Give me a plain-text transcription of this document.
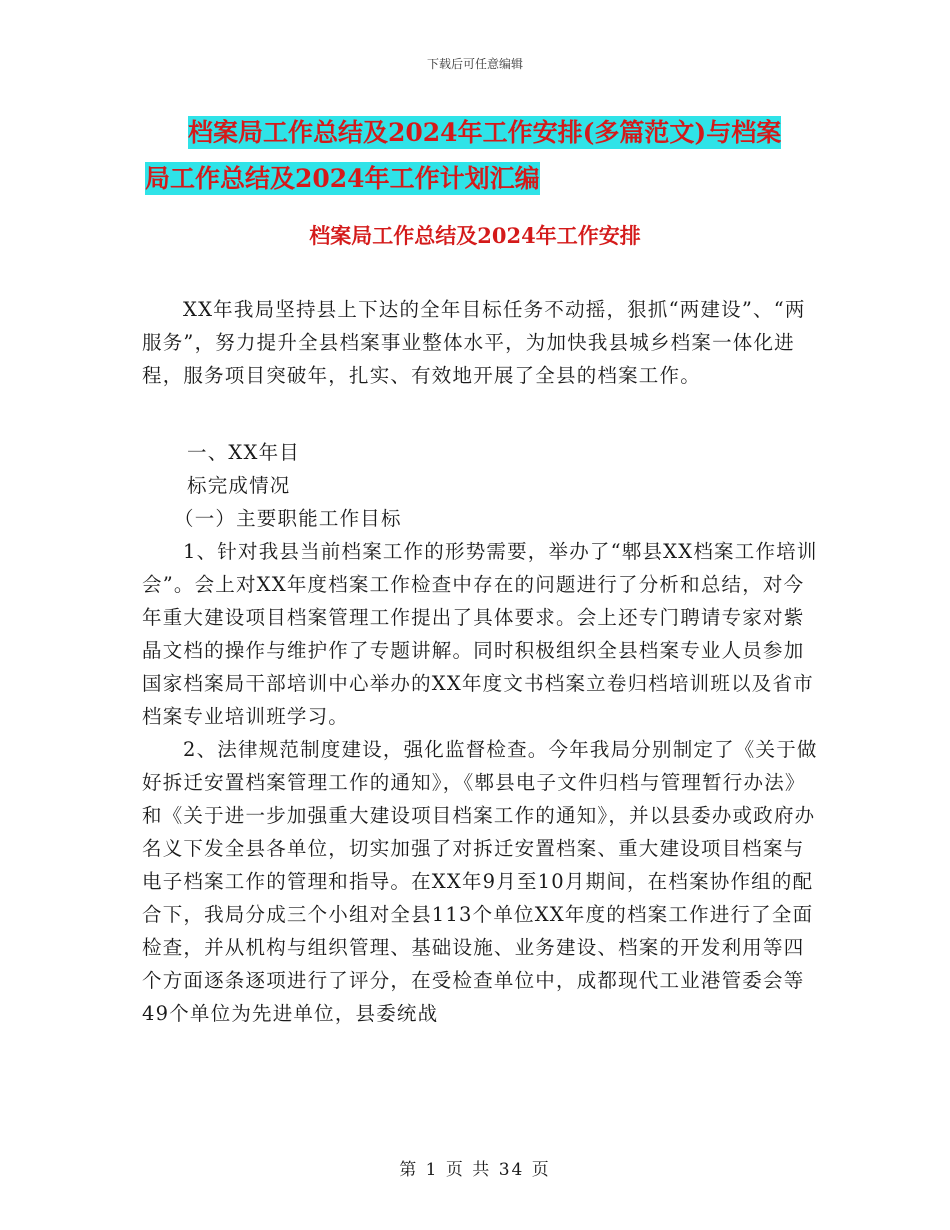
下载后可任意编辑
档案局工作总结及2024年工作安排(多篇范文)与档案
局工作总结及2024年工作计划汇编
档案局工作总结及2024年工作安排

XX年我局坚持县上下达的全年目标任务不动摇，狠抓“两建设”、“两服务”，努力提升全县档案事业整体水平，为加快我县城乡档案一体化进程，服务项目突破年，扎实、有效地开展了全县的档案工作。

一、XX年目

标完成情况

（一）主要职能工作目标

1、针对我县当前档案工作的形势需要，举办了“郫县XX档案工作培训会”。会上对XX年度档案工作检查中存在的问题进行了分析和总结，对今年重大建设项目档案管理工作提出了具体要求。会上还专门聘请专家对紫晶文档的操作与维护作了专题讲解。同时积极组织全县档案专业人员参加国家档案局干部培训中心举办的XX年度文书档案立卷归档培训班以及省市档案专业培训班学习。

2、法律规范制度建设，强化监督检查。今年我局分别制定了《关于做好拆迁安置档案管理工作的通知》，《郫县电子文件归档与管理暂行办法》和《关于进一步加强重大建设项目档案工作的通知》，并以县委办或政府办名义下发全县各单位，切实加强了对拆迁安置档案、重大建设项目档案与电子档案工作的管理和指导。在XX年9月至10月期间，在档案协作组的配合下，我局分成三个小组对全县113个单位XX年度的档案工作进行了全面检查，并从机构与组织管理、基础设施、业务建设、档案的开发利用等四个方面逐条逐项进行了评分，在受检查单位中，成都现代工业港管委会等49个单位为先进单位，县委统战

第 1 页 共 34 页
